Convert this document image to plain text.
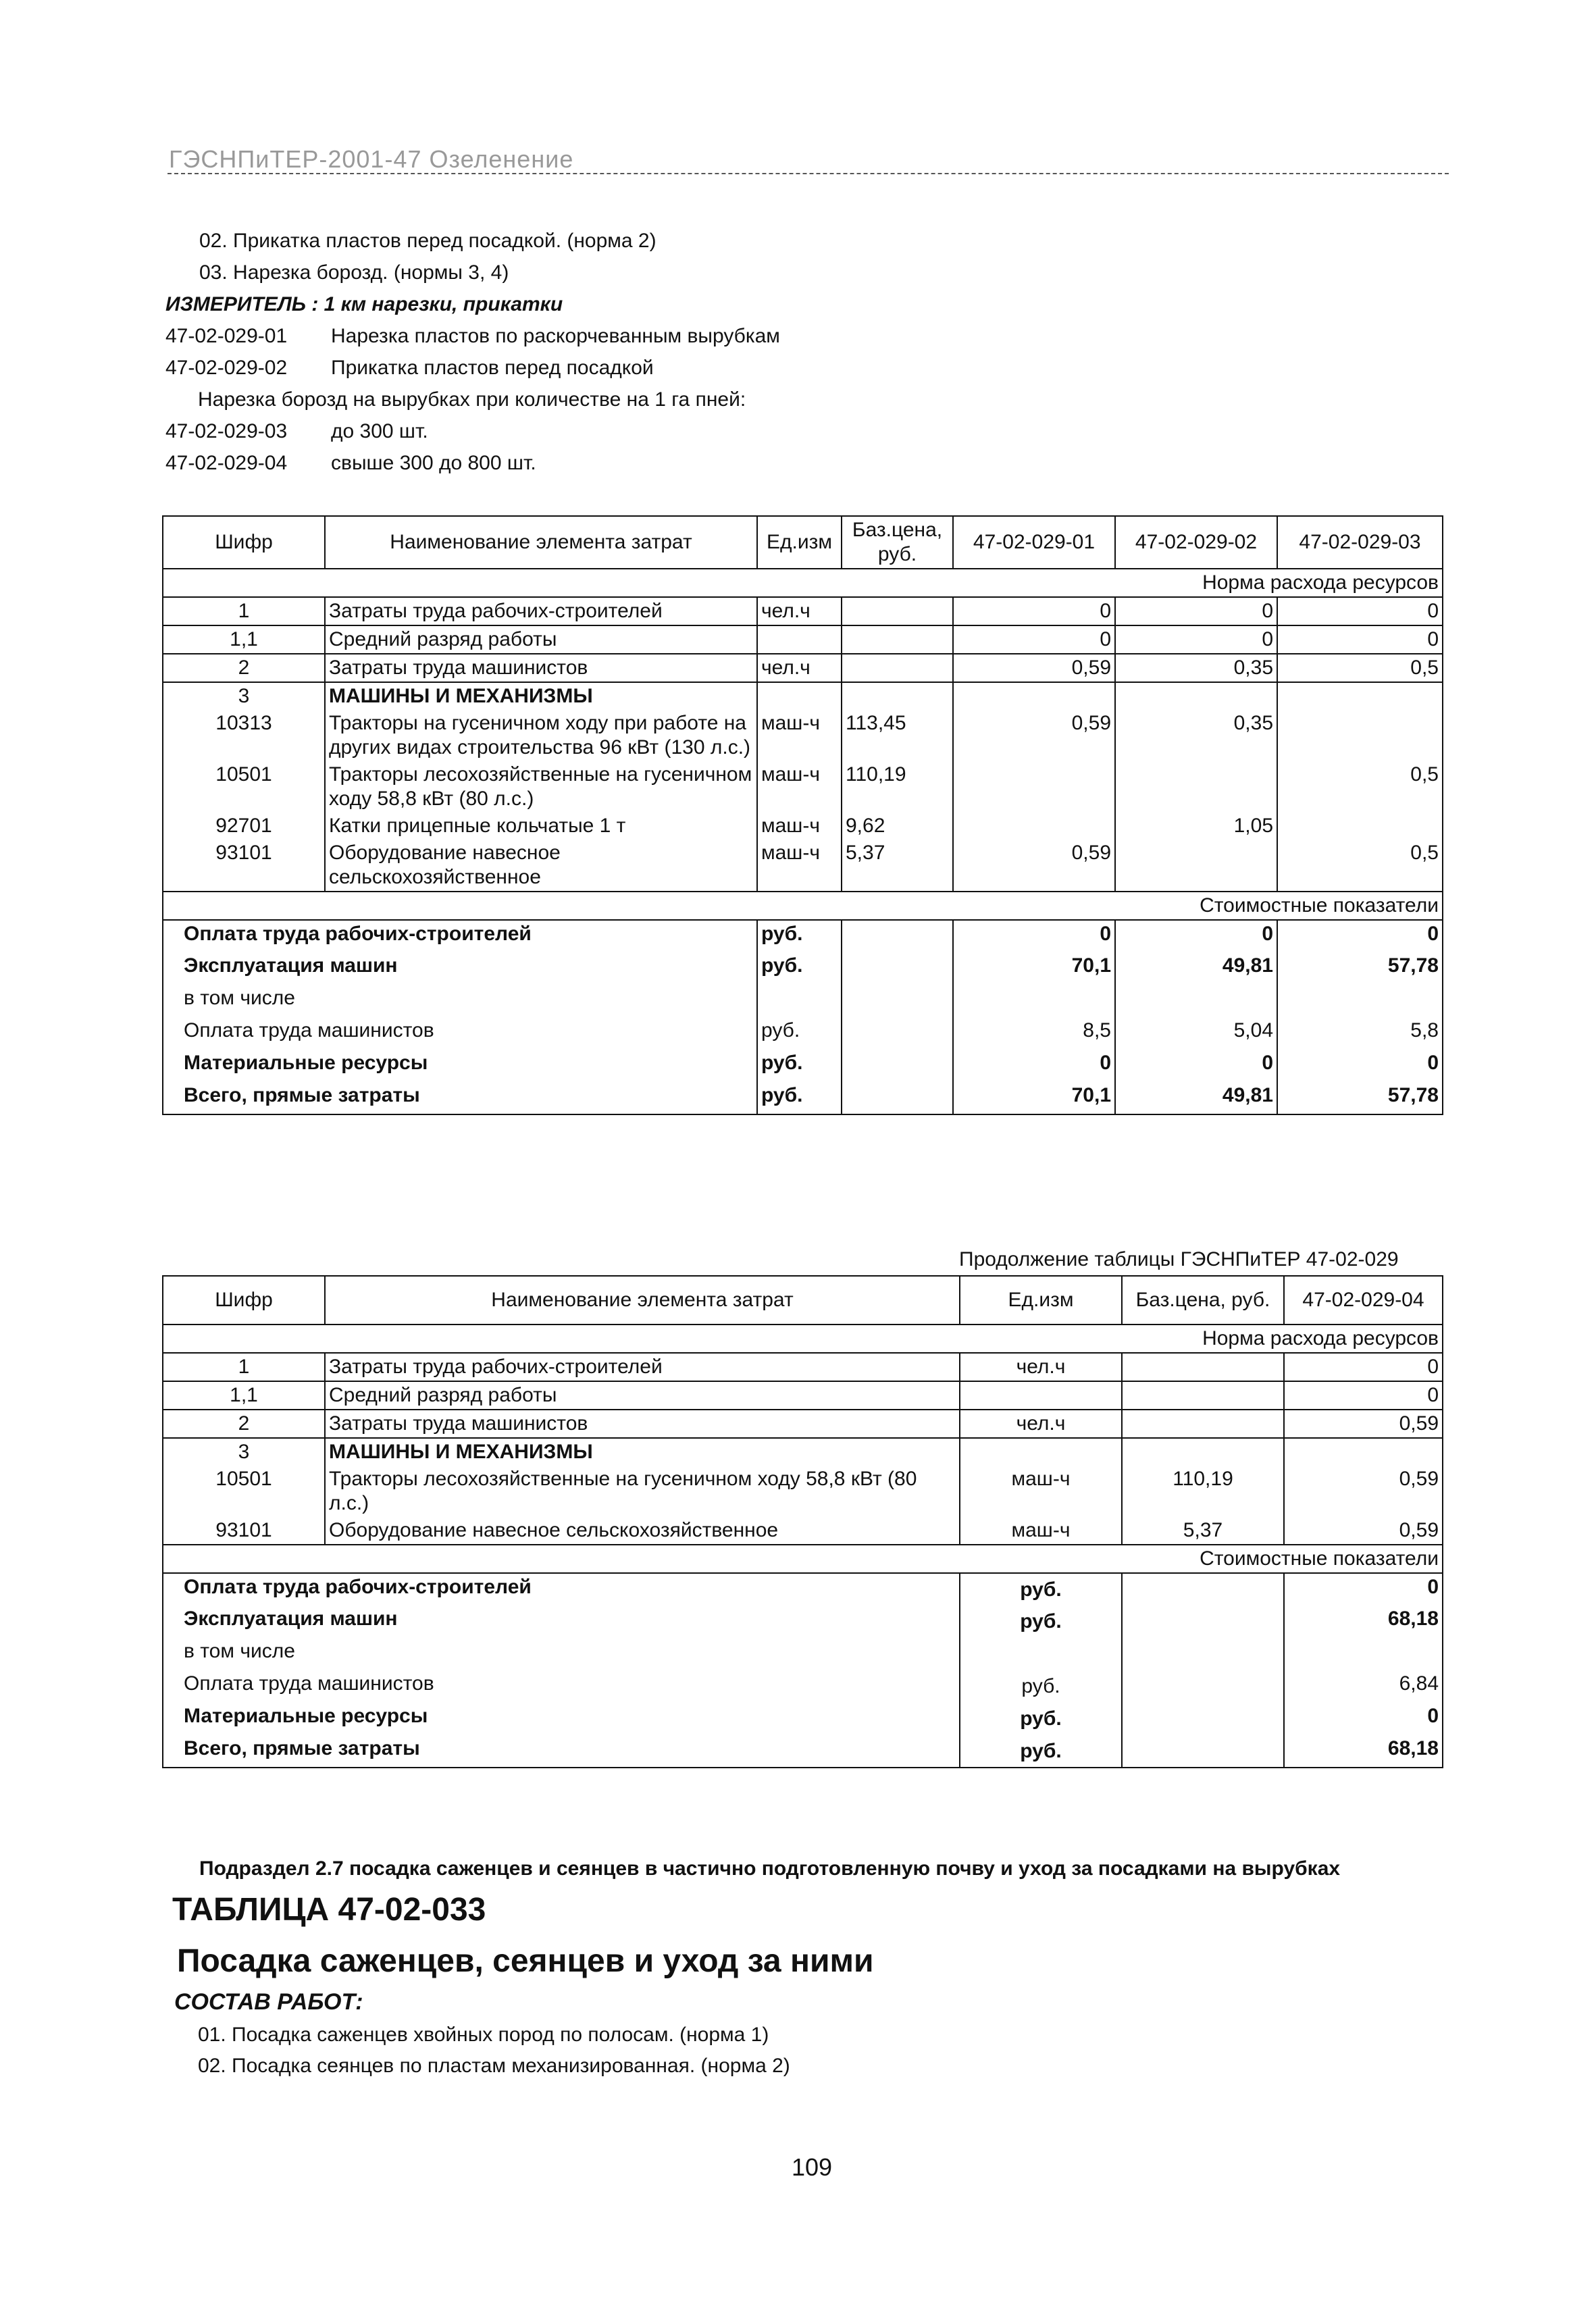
ГЭСНПиТЕР-2001-47 Озеленение
02. Прикатка пластов перед посадкой. (норма 2)
03. Нарезка борозд. (нормы 3, 4)
ИЗМЕРИТЕЛЬ : 1 км нарезки, прикатки
47-02-029-01 Нарезка пластов по раскорчеванным вырубкам
47-02-029-02 Прикатка пластов перед посадкой
Нарезка борозд на вырубках при количестве на 1 га пней:
47-02-029-03 до 300 шт.
47-02-029-04 свыше 300 до 800 шт.
Шифр	Наименование элемента затрат	Ед.изм	Баз.цена, руб.	47-02-029-01	47-02-029-02	47-02-029-03
Норма расхода ресурсов						
1	Затраты труда рабочих-строителей	чел.ч		0	0	0
1,1	Средний разряд работы			0	0	0
2	Затраты труда машинистов	чел.ч		0,59	0,35	0,5
3	МАШИНЫ И МЕХАНИЗМЫ					
10313	Тракторы на гусеничном ходу при работе на других видах строительства 96 кВт (130 л.с.)	маш-ч	113,45	0,59	0,35	
10501	Тракторы лесохозяйственные на гусеничном ходу 58,8 кВт (80 л.с.)	маш-ч	110,19			0,5
92701	Катки прицепные кольчатые 1 т	маш-ч	9,62		1,05	
93101	Оборудование навесное сельскохозяйственное	маш-ч	5,37	0,59		0,5
Стоимостные показатели						
Оплата труда рабочих-строителей		руб.		0	0	0
Эксплуатация машин		руб.		70,1	49,81	57,78
в том числе						
Оплата труда машинистов		руб.		8,5	5,04	5,8
Материальные ресурсы		руб.		0	0	0
Всего, прямые затраты		руб.		70,1	49,81	57,78
Продолжение таблицы ГЭСНПиТЕР 47-02-029
Шифр	Наименование элемента затрат	Ед.изм	Баз.цена, руб.	47-02-029-04
Норма расхода ресурсов				
1	Затраты труда рабочих-строителей	чел.ч		0
1,1	Средний разряд работы			0
2	Затраты труда машинистов	чел.ч		0,59
3	МАШИНЫ И МЕХАНИЗМЫ			
10501	Тракторы лесохозяйственные на гусеничном ходу 58,8 кВт (80 л.с.)	маш-ч	110,19	0,59
93101	Оборудование навесное сельскохозяйственное	маш-ч	5,37	0,59
Стоимостные показатели				
Оплата труда рабочих-строителей		руб.		0
Эксплуатация машин		руб.		68,18
в том числе				
Оплата труда машинистов		руб.		6,84
Материальные ресурсы		руб.		0
Всего, прямые затраты		руб.		68,18
Подраздел 2.7 посадка саженцев и сеянцев в частично подготовленную почву и уход за посадками на вырубках
ТАБЛИЦА 47-02-033
Посадка саженцев, сеянцев и уход за ними
СОСТАВ РАБОТ:
01. Посадка саженцев хвойных пород по полосам. (норма 1)
02. Посадка сеянцев по пластам механизированная. (норма 2)
109
